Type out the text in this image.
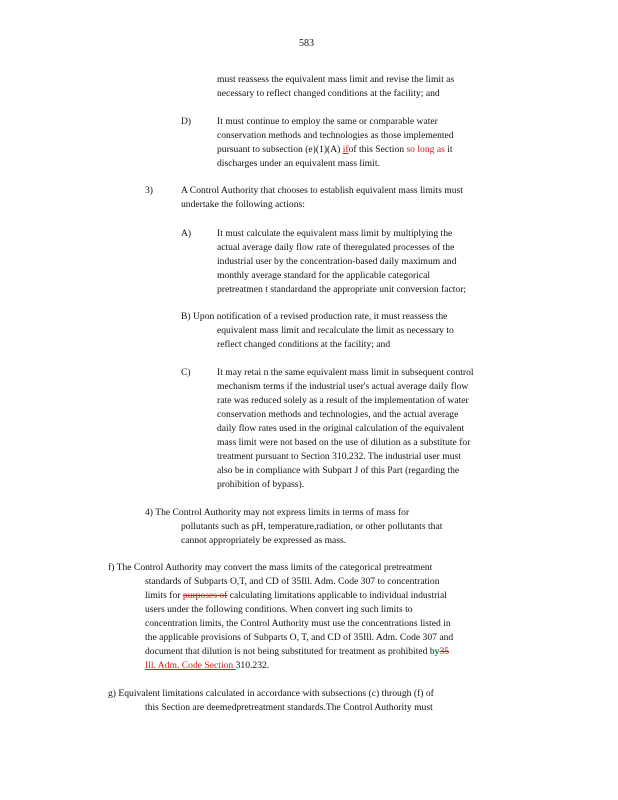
583
must reassess the equivalent mass limit and revise the limit as
necessary to reflect changed conditions at the facility; and
D)	It must continue to employ the same or comparable water
conservation methods and technologies as those implemented
pursuant to subsection (e)(1)(A) ifof this Section so long as it
discharges under an equivalent mass limit.
3)	A Control Authority that chooses to establish equivalent mass limits must
undertake the following actions:
A)	It must calculate the equivalent mass limit by multiplying the
actual average daily flow rate of theregulated processes of the
industrial user by the concentration-based daily maximum and
monthly average standard for the applicable categorical
pretreatmen t standardand the appropriate unit conversion factor;
B) Upon notification of a revised production rate, it must reassess the
equivalent mass limit and recalculate the limit as necessary to
reflect changed conditions at the facility; and
C)	It may retai n the same equivalent mass limit in subsequent control
mechanism terms if the industrial user's actual average daily flow
rate was reduced solely as a result of the implementation of water
conservation methods and technologies, and the actual average
daily flow rates used in the original calculation of the equivalent
mass limit were not based on the use of dilution as a substitute for
treatment pursuant to Section 310.232. The industrial user must
also be in compliance with Subpart J of this Part (regarding the
prohibition of bypass).
4) The Control Authority may not express limits in terms of mass for
pollutants such as pH, temperature,radiation, or other pollutants that
cannot appropriately be expressed as mass.
f) The Control Authority may convert the mass limits of the categorical pretreatment
standards of Subparts O,T, and CD of 35Ill. Adm. Code 307 to concentration
limits for purposes of calculating limitations applicable to individual industrial
users under the following conditions. When convert ing such limits to
concentration limits, the Control Authority must use the concentrations listed in
the applicable provisions of Subparts O, T, and CD of 35Ill. Adm. Code 307 and
document that dilution is not being substituted for treatment as prohibited by35
Ill. Adm. Code Section 310.232.
g) Equivalent limitations calculated in accordance with subsections (c) through (f) of
this Section are deemedpretreatment standards.The Control Authority must
